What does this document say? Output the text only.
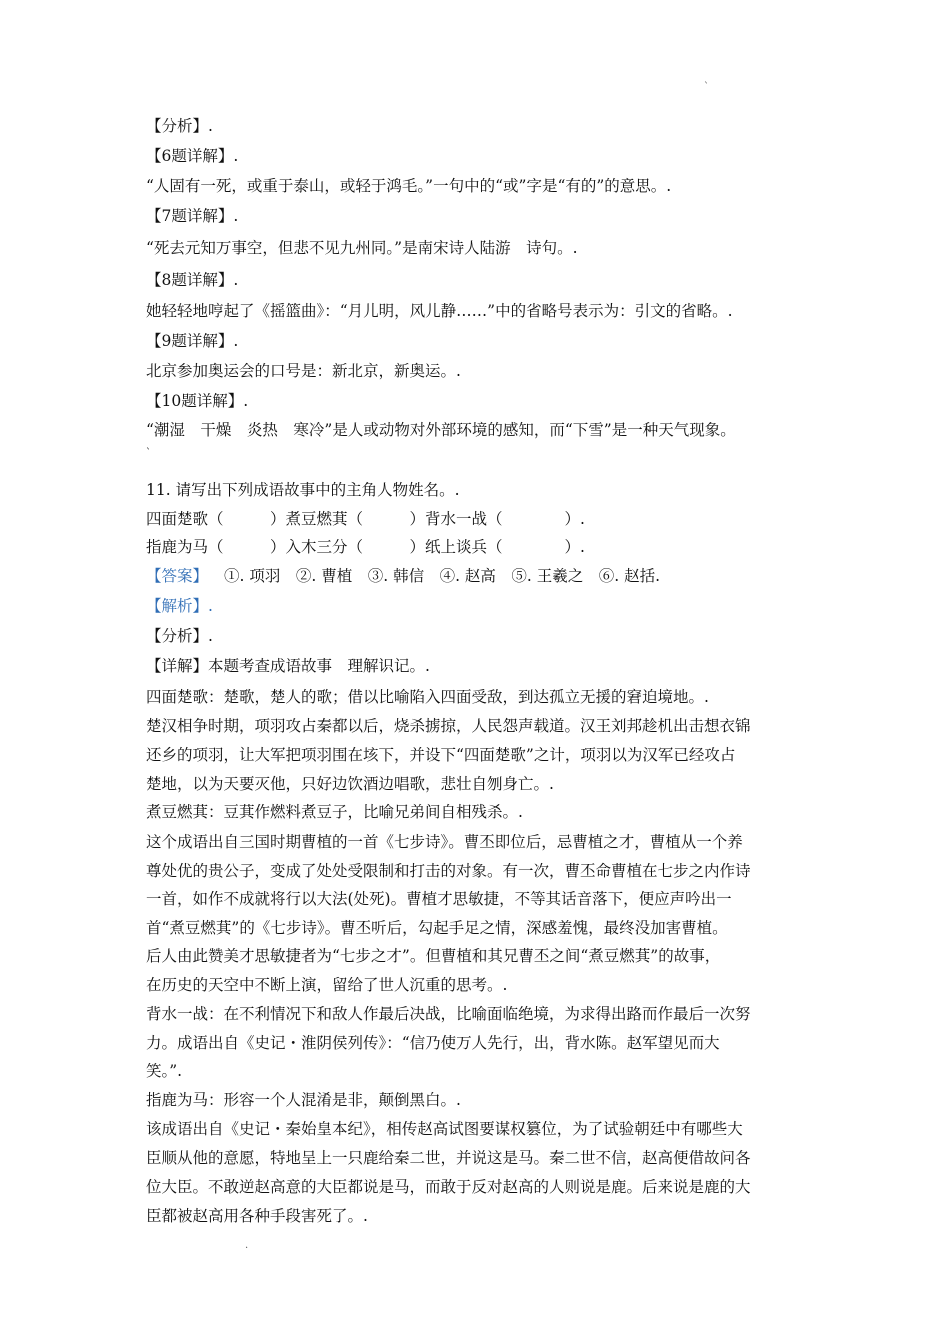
`
【分析】.
【6题详解】.
“人固有一死，或重于泰山，或轻于鸿毛。”一句中的“或”字是“有的”的意思。.
【7题详解】.
“死去元知万事空，但悲不见九州同。”是南宋诗人陆游　诗句。.
【8题详解】.
她轻轻地哼起了《摇篮曲》：“月儿明，风儿静……”中的省略号表示为：引文的省略。.
【9题详解】.
北京参加奥运会的口号是：新北京，新奥运。.
【10题详解】.
“潮湿　干燥　炎热　寒冷”是人或动物对外部环境的感知，而“下雪”是一种天气现象。
`
11. 请写出下列成语故事中的主角人物姓名。.
四面楚歌（　　　）煮豆燃萁（　　　）背水一战（　　　　）.
指鹿为马（　　　）入木三分（　　　）纸上谈兵（　　　　）.
【答案】 ①. 项羽　②. 曹植　③. 韩信　④. 赵高　⑤. 王羲之　⑥. 赵括.
【解析】.
【分析】.
【详解】本题考查成语故事　理解识记。.
四面楚歌：楚歌，楚人的歌；借以比喻陷入四面受敌，到达孤立无援的窘迫境地。.
楚汉相争时期，项羽攻占秦都以后，烧杀掳掠，人民怨声载道。汉王刘邦趁机出击想衣锦
还乡的项羽，让大军把项羽围在垓下，并设下“四面楚歌”之计，项羽以为汉军已经攻占
楚地，以为天要灭他，只好边饮酒边唱歌，悲壮自刎身亡。.
煮豆燃萁：豆萁作燃料煮豆子，比喻兄弟间自相残杀。.
这个成语出自三国时期曹植的一首《七步诗》。曹丕即位后，忌曹植之才，曹植从一个养
尊处优的贵公子，变成了处处受限制和打击的对象。有一次，曹丕命曹植在七步之内作诗
一首，如作不成就将行以大法(处死)。曹植才思敏捷，不等其话音落下，便应声吟出一
首“煮豆燃萁”的《七步诗》。曹丕听后，勾起手足之情，深感羞愧，最终没加害曹植。
后人由此赞美才思敏捷者为“七步之才”。但曹植和其兄曹丕之间“煮豆燃萁”的故事，
在历史的天空中不断上演，留给了世人沉重的思考。.
背水一战：在不利情况下和敌人作最后决战，比喻面临绝境，为求得出路而作最后一次努
力。成语出自《史记・淮阴侯列传》：“信乃使万人先行，出，背水陈。赵军望见而大
笑。”.
指鹿为马：形容一个人混淆是非，颠倒黑白。.
该成语出自《史记・秦始皇本纪》，相传赵高试图要谋权篡位，为了试验朝廷中有哪些大
臣顺从他的意愿，特地呈上一只鹿给秦二世，并说这是马。秦二世不信，赵高便借故问各
位大臣。不敢逆赵高意的大臣都说是马，而敢于反对赵高的人则说是鹿。后来说是鹿的大
臣都被赵高用各种手段害死了。.
.
